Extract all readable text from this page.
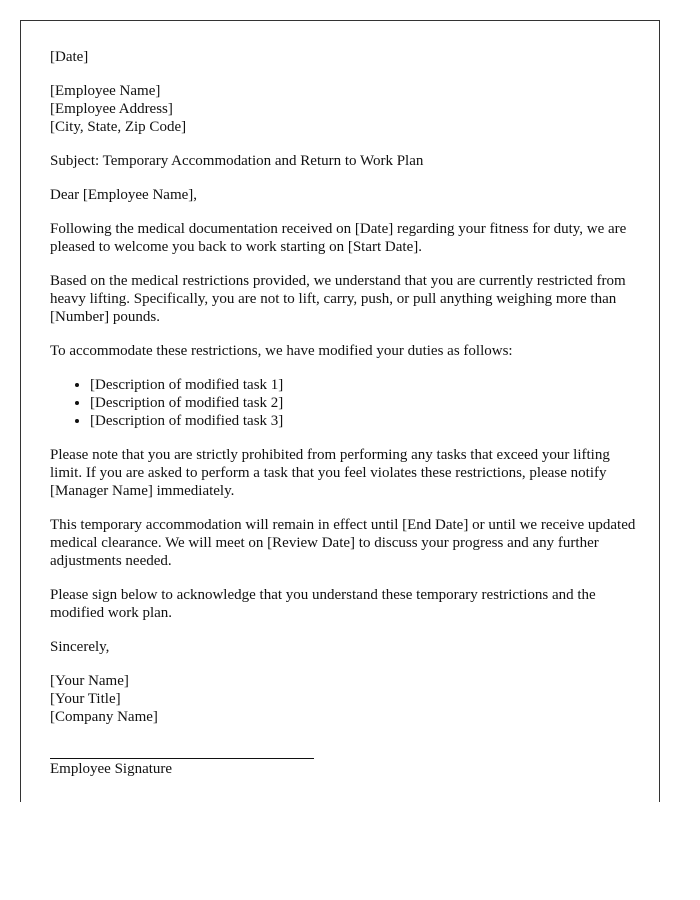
[Date]

[Employee Name]
[Employee Address]
[City, State, Zip Code]

Subject: Temporary Accommodation and Return to Work Plan

Dear [Employee Name],

Following the medical documentation received on [Date] regarding your fitness for duty, we are pleased to welcome you back to work starting on [Start Date].

Based on the medical restrictions provided, we understand that you are currently restricted from heavy lifting. Specifically, you are not to lift, carry, push, or pull anything weighing more than [Number] pounds.

To accommodate these restrictions, we have modified your duties as follows:

• [Description of modified task 1]
• [Description of modified task 2]
• [Description of modified task 3]

Please note that you are strictly prohibited from performing any tasks that exceed your lifting limit. If you are asked to perform a task that you feel violates these restrictions, please notify [Manager Name] immediately.

This temporary accommodation will remain in effect until [End Date] or until we receive updated medical clearance. We will meet on [Review Date] to discuss your progress and any further adjustments needed.

Please sign below to acknowledge that you understand these temporary restrictions and the modified work plan.

Sincerely,

[Your Name]
[Your Title]
[Company Name]

Employee Signature
